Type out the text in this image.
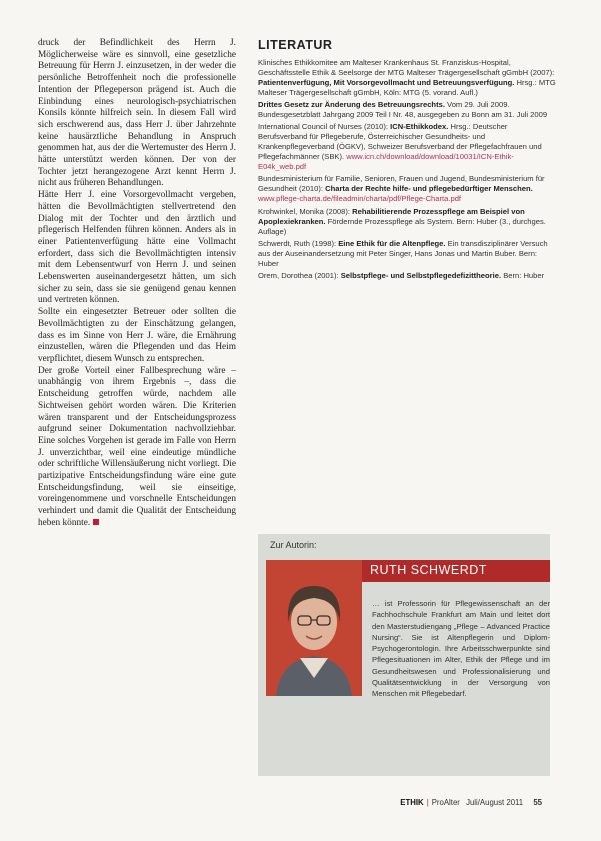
druck der Befindlichkeit des Herrn J. Möglicherweise wäre es sinnvoll, eine gesetzliche Betreuung für Herrn J. einzusetzen, in der weder die persönliche Betroffenheit noch die professionelle Intention der Pflegeperson prägend ist. Auch die Einbindung eines neurologisch-psychiatrischen Konsils könnte hilfreich sein. In diesem Fall wird sich erschwerend aus, dass Herr J. über Jahrzehnte keine hausärztliche Behandlung in Anspruch genommen hat, aus der die Wertemuster des Herrn J. hätte unterstützt werden können. Der von der Tochter jetzt herangezogene Arzt kennt Herrn J. nicht aus früheren Behandlungen.

Hätte Herr J. eine Vorsorgevollmacht vergeben, hätten die Bevollmächtigten stellvertretend den Dialog mit der Tochter und den ärztlich und pflegerisch Helfenden führen können. Anders als in einer Patientenverfügung hätte eine Vollmacht erfordert, dass sich die Bevollmächtigten intensiv mit dem Lebensentwurf von Herrn J. und seinen Lebenswerten auseinandergesetzt hätten, um sich sicher zu sein, dass sie sie genügend genau kennen und vertreten können.

Sollte ein eingesetzter Betreuer oder sollten die Bevollmächtigten zu der Einschätzung gelangen, dass es im Sinne von Herr J. wäre, die Ernährung einzustellen, wären die Pflegenden und das Heim verpflichtet, diesem Wunsch zu entsprechen.

Der große Vorteil einer Fallbesprechung wäre – unabhängig von ihrem Ergebnis –, dass die Entscheidung getroffen würde, nachdem alle Sichtweisen gehört worden wären. Die Kriterien wären transparent und der Entscheidungsprozess aufgrund seiner Dokumentation nachvollziehbar. Eine solches Vorgehen ist gerade im Falle von Herrn J. unverzichtbar, weil eine eindeutige mündliche oder schriftliche Willensäußerung nicht vorliegt. Die partizipative Entscheidungsfindung wäre eine gute Entscheidungsfindung, weil sie einseitige, voreingenommene und vorschnelle Entscheidungen verhindert und damit die Qualität der Entscheidung heben könnte.

LITERATUR

Klinisches Ethikkomitee am Malteser Krankenhaus St. Franziskus-Hospital, Geschäftsstelle Ethik & Seelsorge der MTG Malteser Trägergesellschaft gGmbH (2007): Patientenverfügung, Mit Vorsorgevollmacht und Betreuungsverfügung. Hrsg.: MTG Malteser Trägergesellschaft gGmbH, Köln: MTG (5. vorand. Aufl.)

Drittes Gesetz zur Änderung des Betreuungsrechts. Vom 29. Juli 2009. Bundesgesetzblatt Jahrgang 2009 Teil I Nr. 48, ausgegeben zu Bonn am 31. Juli 2009

International Council of Nurses (2010): ICN-Ethikkodex. Hrsg.: Deutscher Berufsverband für Pflegeberufe, Österreichischer Gesundheits- und Krankenpflegeverband (ÖGKV), Schweizer Berufsverband der Pflegefachfrauen und Pflegefachmänner (SBK). www.icn.ch/download/download/10031/ICN-Ethik-E04k_web.pdf

Bundesministerium für Familie, Senioren, Frauen und Jugend, Bundesministerium für Gesundheit (2010): Charta der Rechte hilfe- und pflegebedürftiger Menschen. www.pflege-charta.de/fileadmin/charta/pdf/Pflege-Charta.pdf

Krohwinkel, Monika (2008): Rehabilitierende Prozesspflege am Beispiel von Apoplexiekranken. Fördernde Prozesspflege als System. Bern: Huber (3., durchges. Auflage)

Schwerdt, Ruth (1998): Eine Ethik für die Altenpflege. Ein transdisziplinärer Versuch aus der Auseinandersetzung mit Peter Singer, Hans Jonas und Martin Buber. Bern: Huber

Orem, Dorothea (2001): Selbstpflege- und Selbstpflegedefizittheorie. Bern: Huber

Zur Autorin:
RUTH SCHWERDT
… ist Professorin für Pflegewissenschaft an der Fachhochschule Frankfurt am Main und leitet dort den Masterstudiengang „Pflege – Advanced Practice Nursing“. Sie ist Altenpflegerin und Diplom-Psychogerontologin. Ihre Arbeitsschwerpunkte sind Pflegesituationen im Alter, Ethik der Pflege und im Gesundheitswesen und Professionalisierung und Qualitätsentwicklung in der Versorgung von Menschen mit Pflegebedarf.
ETHIK | ProAlter Juli/August 2011 55
